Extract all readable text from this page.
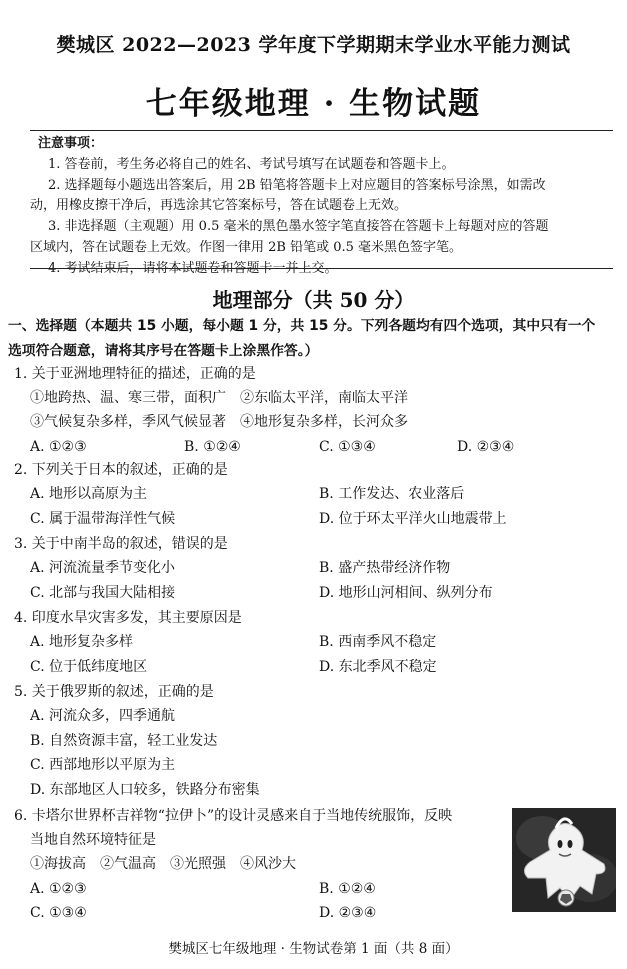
樊城区 2022—2023 学年度下学期期末学业水平能力测试
七年级地理 · 生物试题
注意事项：
1. 答卷前，考生务必将自己的姓名、考试号填写在试题卷和答题卡上。
2. 选择题每小题选出答案后，用 2B 铅笔将答题卡上对应题目的答案标号涂黑，如需改
动，用橡皮擦干净后，再选涂其它答案标号，答在试题卷上无效。
3. 非选择题（主观题）用 0.5 毫米的黑色墨水签字笔直接答在答题卡上每题对应的答题
区域内，答在试题卷上无效。作图一律用 2B 铅笔或 0.5 毫米黑色签字笔。
4. 考试结束后，请将本试题卷和答题卡一并上交。
地理部分（共 50 分）
一、选择题（本题共 15 小题，每小题 1 分，共 15 分。下列各题均有四个选项，其中只有一个
选项符合题意，请将其序号在答题卡上涂黑作答。）
1. 关于亚洲地理特征的描述，正确的是
①地跨热、温、寒三带，面积广　②东临太平洋，南临太平洋
③气候复杂多样，季风气候显著　④地形复杂多样，长河众多
A. ①②③	B. ①②④	C. ①③④	D. ②③④
2. 下列关于日本的叙述，正确的是
A. 地形以高原为主	B. 工作发达、农业落后
C. 属于温带海洋性气候	D. 位于环太平洋火山地震带上
3. 关于中南半岛的叙述，错误的是
A. 河流流量季节变化小	B. 盛产热带经济作物
C. 北部与我国大陆相接	D. 地形山河相间、纵列分布
4. 印度水旱灾害多发，其主要原因是
A. 地形复杂多样	B. 西南季风不稳定
C. 位于低纬度地区	D. 东北季风不稳定
5. 关于俄罗斯的叙述，正确的是
A. 河流众多，四季通航
B. 自然资源丰富，轻工业发达
C. 西部地形以平原为主
D. 东部地区人口较多，铁路分布密集
6. 卡塔尔世界杯吉祥物“拉伊卜”的设计灵感来自于当地传统服饰，反映
当地自然环境特征是
①海拔高　②气温高　③光照强　④风沙大
A. ①②③	B. ①②④
C. ①③④	D. ②③④
樊城区七年级地理 · 生物试卷第 1 面（共 8 面）
